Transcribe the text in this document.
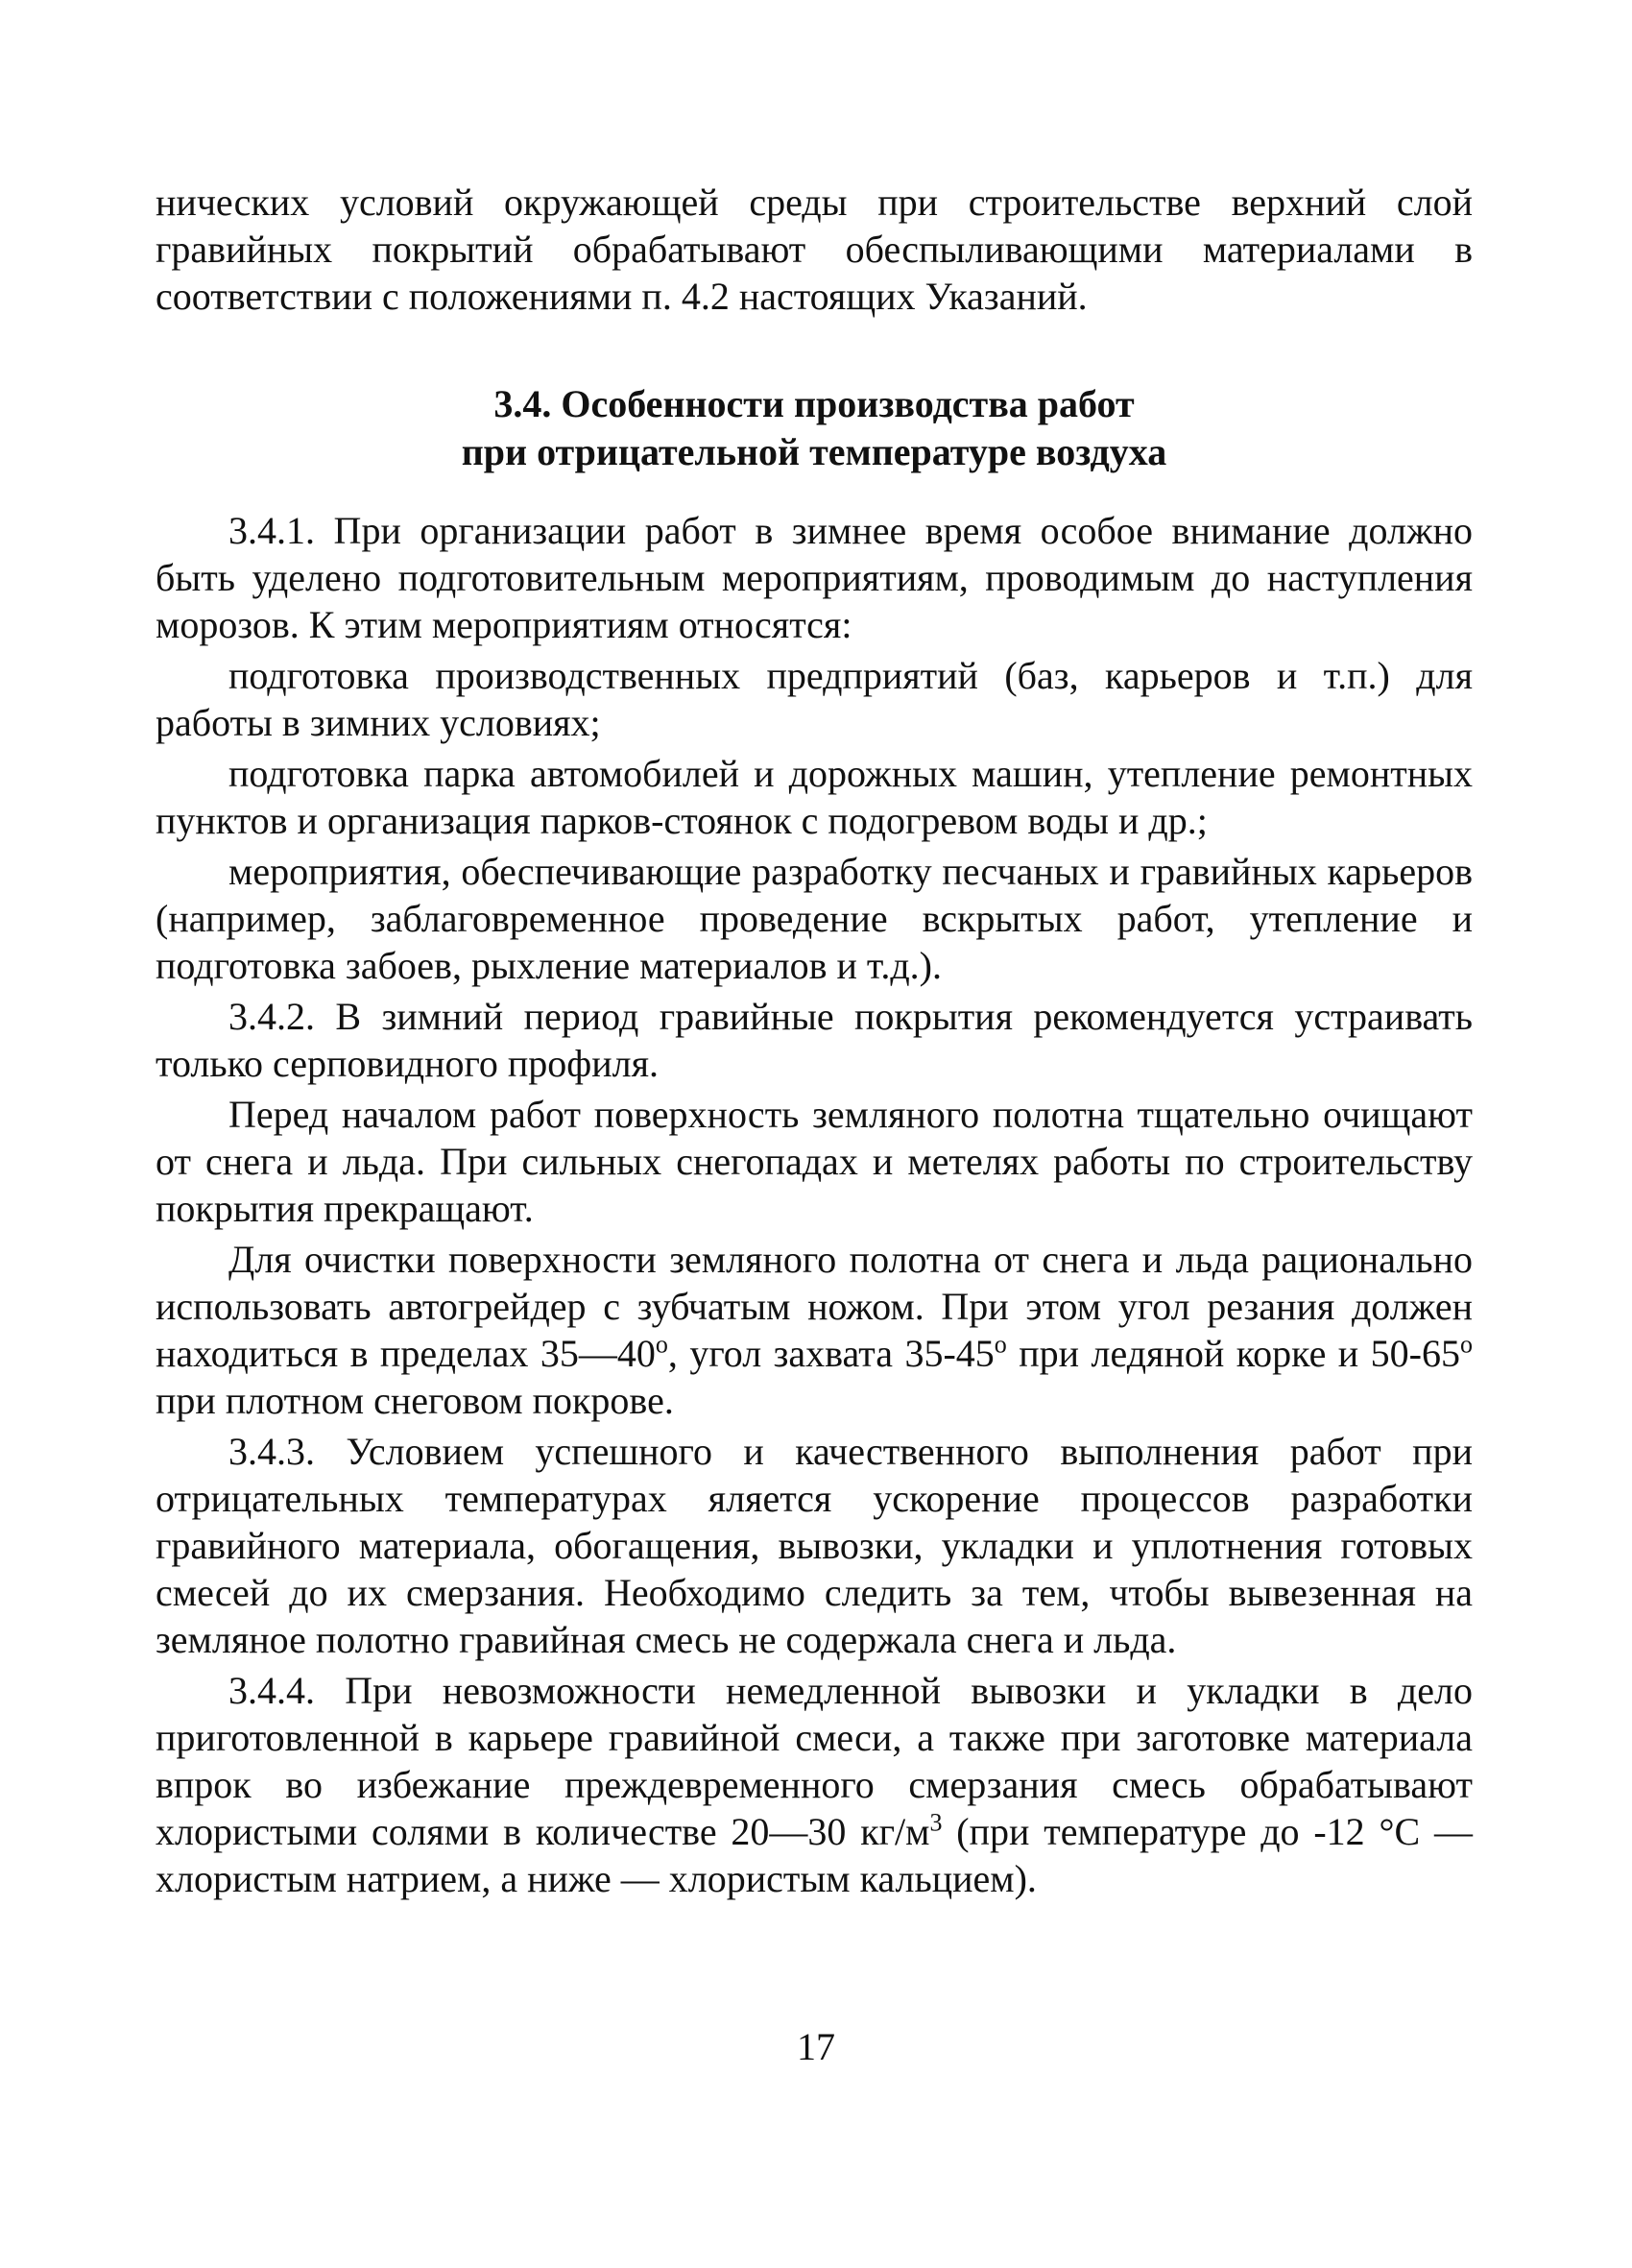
нических условий окружающей среды при строительстве верхний слой гравийных покрытий обрабатывают обеспыливающими материалами в соответствии с положениями п. 4.2 настоящих Указаний.

3.4. Особенности производства работ
при отрицательной температуре воздуха

3.4.1. При организации работ в зимнее время особое внимание должно быть уделено подготовительным мероприятиям, проводимым до наступления морозов. К этим мероприятиям относятся:

подготовка производственных предприятий (баз, карьеров и т.п.) для работы в зимних условиях;

подготовка парка автомобилей и дорожных машин, утепление ремонтных пунктов и организация парков-стоянок с подогревом воды и др.;

мероприятия, обеспечивающие разработку песчаных и гравийных карьеров (например, заблаговременное проведение вскрытых работ, утепление и подготовка забоев, рыхление материалов и т.д.).

3.4.2. В зимний период гравийные покрытия рекомендуется устраивать только серповидного профиля.

Перед началом работ поверхность земляного полотна тщательно очищают от снега и льда. При сильных снегопадах и метелях работы по строительству покрытия прекращают.

Для очистки поверхности земляного полотна от снега и льда рационально использовать автогрейдер с зубчатым ножом. При этом угол резания должен находиться в пределах $35—40^о$, угол захвата $35-45^о$ при ледяной корке и $50-65^о$ при плотном снеговом покрове.

3.4.3. Условием успешного и качественного выполнения работ при отрицательных температурах яляется ускорение процессов разработки гравийного материала, обогащения, вывозки, укладки и уплотнения готовых смесей до их смерзания. Необходимо следить за тем, чтобы вывезенная на земляное полотно гравийная смесь не содержала снега и льда.

3.4.4. При невозможности немедленной вывозки и укладки в дело приготовленной в карьере гравийной смеси, а также при заготовке материала впрок во избежание преждевременного смерзания смесь обрабатывают хлористыми солями в количестве 20—30 $кг/м^3$ (при температуре до -12 °С — хлористым натрием, а ниже — хлористым кальцием).

17
